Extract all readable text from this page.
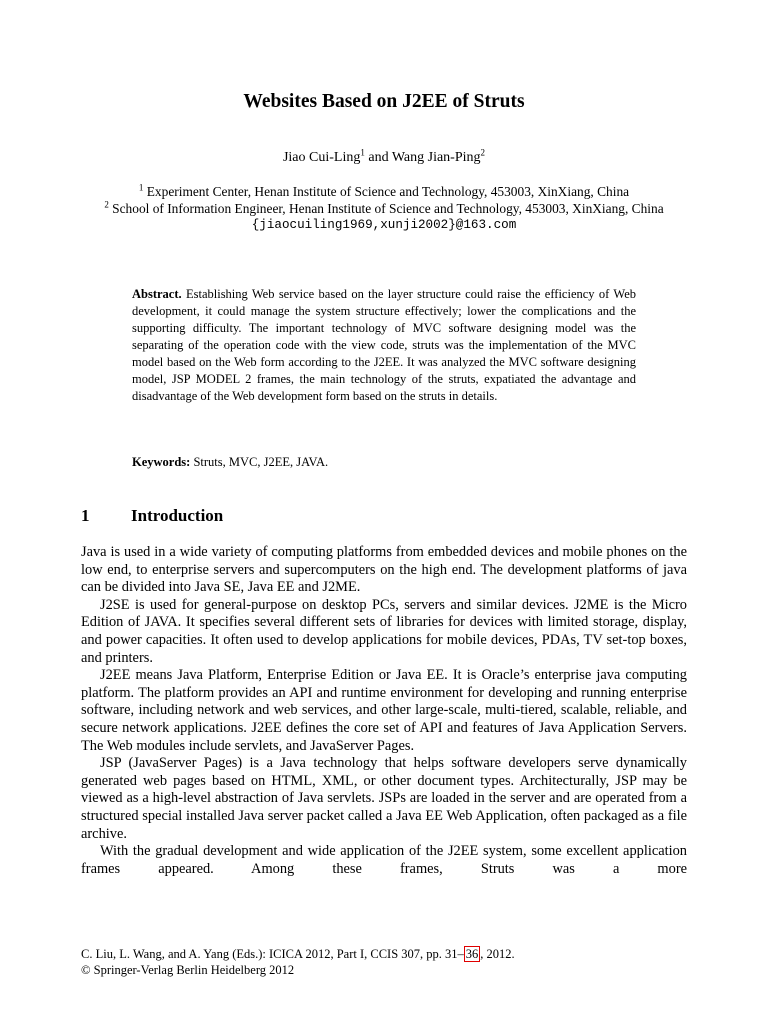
Websites Based on J2EE of Struts
Jiao Cui-Ling$^1$ and Wang Jian-Ping$^2$
$^1$ Experiment Center, Henan Institute of Science and Technology, 453003, XinXiang, China
$^2$ School of Information Engineer, Henan Institute of Science and Technology, 453003, XinXiang, China
{jiaocuiling1969,xunji2002}@163.com
Abstract. Establishing Web service based on the layer structure could raise the efficiency of Web development, it could manage the system structure effectively; lower the complications and the supporting difficulty. The important technology of MVC software designing model was the separating of the operation code with the view code, struts was the implementation of the MVC model based on the Web form according to the J2EE. It was analyzed the MVC software designing model, JSP MODEL 2 frames, the main technology of the struts, expatiated the advantage and disadvantage of the Web development form based on the struts in details.
Keywords: Struts, MVC, J2EE, JAVA.
1 Introduction

Java is used in a wide variety of computing platforms from embedded devices and mobile phones on the low end, to enterprise servers and supercomputers on the high end. The development platforms of java can be divided into Java SE, Java EE and J2ME.

J2SE is used for general-purpose on desktop PCs, servers and similar devices. J2ME is the Micro Edition of JAVA. It specifies several different sets of libraries for devices with limited storage, display, and power capacities. It often used to develop applications for mobile devices, PDAs, TV set-top boxes, and printers.

J2EE means Java Platform, Enterprise Edition or Java EE. It is Oracle’s enterprise java computing platform. The platform provides an API and runtime environment for developing and running enterprise software, including network and web services, and other large-scale, multi-tiered, scalable, reliable, and secure network applications. J2EE defines the core set of API and features of Java Application Servers. The Web modules include servlets, and JavaServer Pages.

JSP (JavaServer Pages) is a Java technology that helps software developers serve dynamically generated web pages based on HTML, XML, or other document types. Architecturally, JSP may be viewed as a high-level abstraction of Java servlets. JSPs are loaded in the server and are operated from a structured special installed Java server packet called a Java EE Web Application, often packaged as a file archive.

With the gradual development and wide application of the J2EE system, some excellent application frames appeared. Among these frames, Struts was a more

C. Liu, L. Wang, and A. Yang (Eds.): ICICA 2012, Part I, CCIS 307, pp. 31– 36 , 2012.
© Springer-Verlag Berlin Heidelberg 2012
